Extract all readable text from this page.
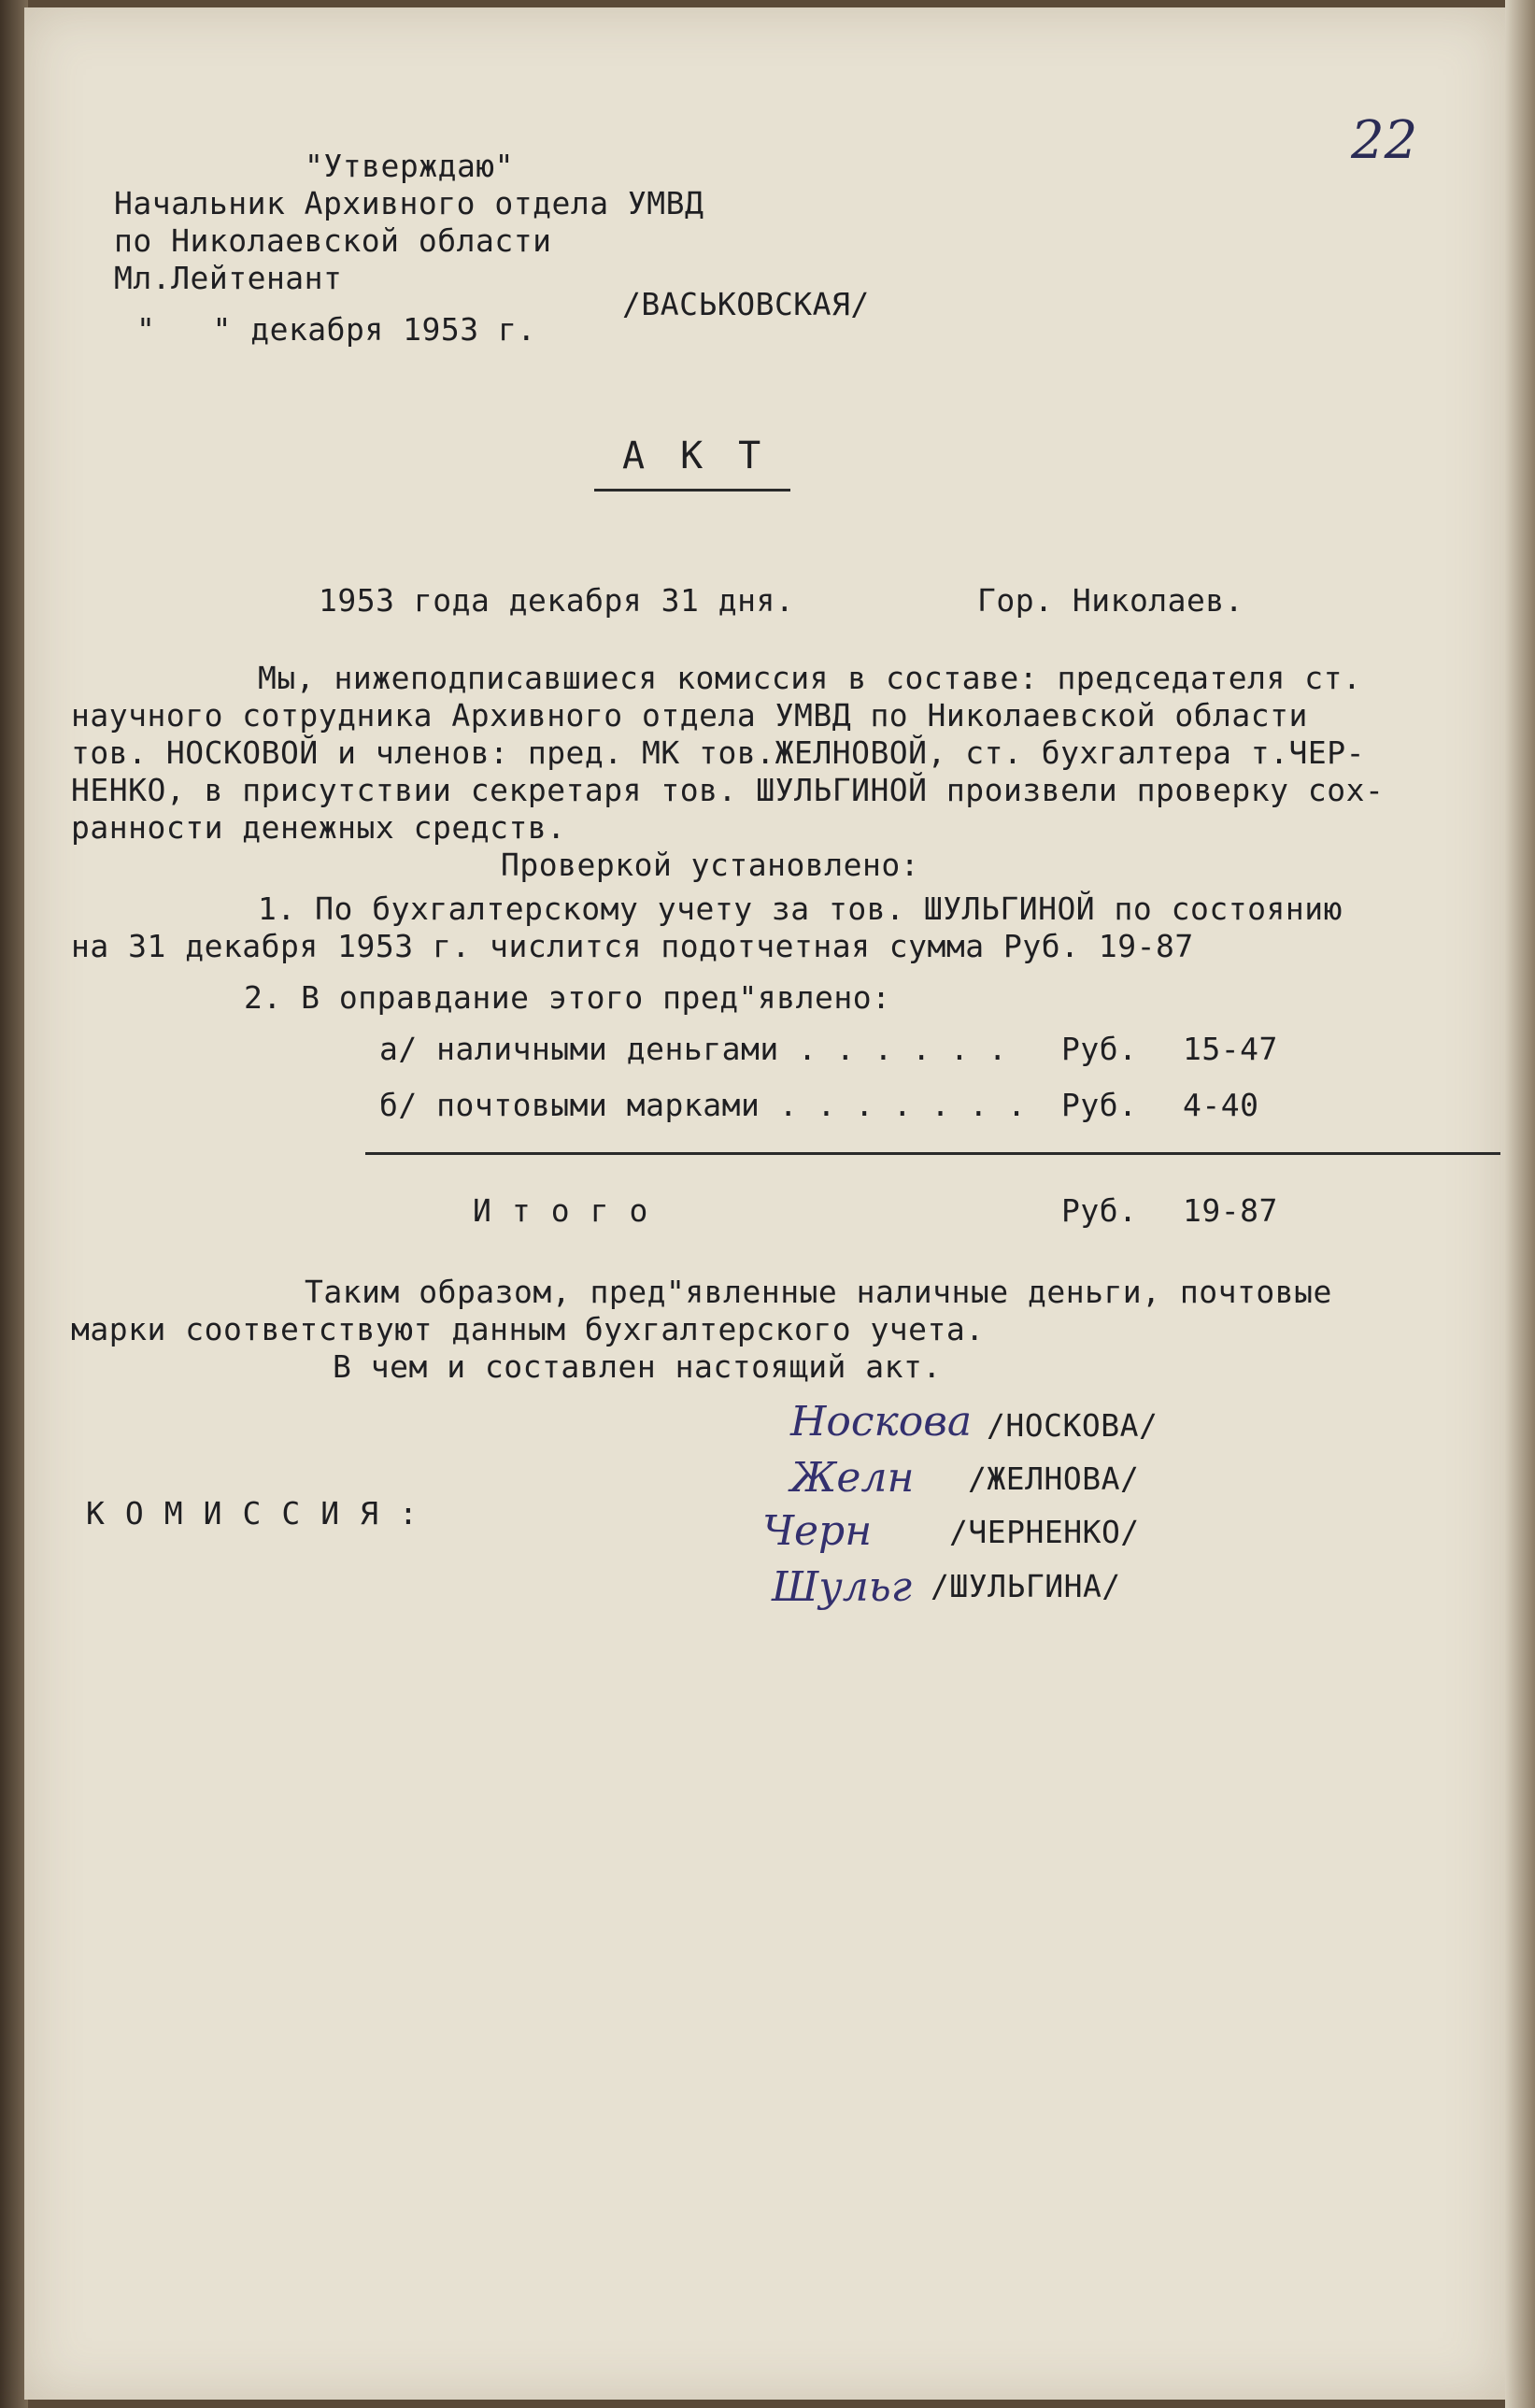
22
"Утверждаю"
Начальник Архивного отдела УМВД
по Николаевской области
Мл.Лейтенант
/ВАСЬКОВСКАЯ/
"   " декабря 1953 г.
АКТ
1953 года декабря 31 дня.	Гор. Николаев.
Мы, нижеподписавшиеся комиссия в составе: председателя ст.
научного сотрудника Архивного отдела УМВД по Николаевской области
тов. НОСКОВОЙ и членов: пред. МК тов.ЖЕЛНОВОЙ, ст. бухгалтера т.ЧЕР-
НЕНКО, в присутствии секретаря тов. ШУЛЬГИНОЙ произвели проверку сох-
ранности денежных средств.
Проверкой установлено:
1. По бухгалтерскому учету за тов. ШУЛЬГИНОЙ по состоянию
на 31 декабря 1953 г. числится подотчетная сумма Руб. 19-87
2. В оправдание этого пред"явлено:
а/ наличными деньгами . . . . . . Руб. 15-47
б/ почтовыми марками . . . . . . . Руб. 4-40
Итого	Руб. 19-87
Таким образом, пред"явленные наличные деньги, почтовые
марки соответствуют данным бухгалтерского учета.
В чем и составлен настоящий акт.
КОМИССИЯ:
Носкова /НОСКОВА/
Желн /ЖЕЛНОВА/
Черн	/ЧЕРНЕНКО/
Шульг /ШУЛЬГИНА/
